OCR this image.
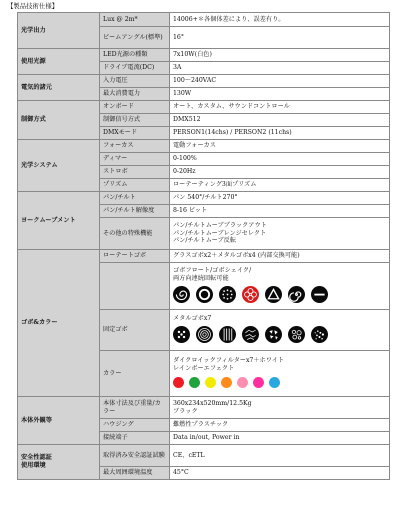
【製品技術仕様】
光学出力	Lux @ 2m*	14006+＊各個体差により、誤差有り。
	ビームアングル(標準)	16°
使用光源	LED光源の種類	7x10W(白色)
	ドライブ電流(DC)	3A
電気的諸元	入力電圧	100～240VAC
	最大消費電力	130W
制御方式	オンボード	オート、カスタム、サウンドコントロール
	制御信号方式	DMX512
	DMXモード	PERSON1(14chs) / PERSON2 (11chs)
光学システム	フォーカス	電動フォーカス
	ディマー	0-100%
	ストロボ	0-20Hz
	プリズム	ローテーティング3面プリズム
ヨークムーブメント	パン/チルト	パン 540°/チルト270°
	パン/チルト解像度	8-16 ビット
	その他の特殊機能	パン/チルトムーブブラックアウト
パン/チルトムーブレンジセレクト
パン/チルトムーブ反転

ゴボ&カラー	ローテートゴボ	グラスゴボx2＋メタルゴボx4 (内部交換可能)

		ゴボフロート/ゴボシェイク/
両方向連続回転可能

	固定ゴボ	メタルゴボx7

	カラー	ダイクロイックフィルターx7＋ホワイト
レインボーエフェクト

本体外観等	本体寸法及び重量/カラー	360x234x520mm/12.5Kg
ブラック

	ハウジング	難燃性プラスチック
	接続端子	Data in/out, Power in
安全性認証
使用環境	取得済み安全認証試験	CE、cETL
	最大周囲環境温度	45°C
